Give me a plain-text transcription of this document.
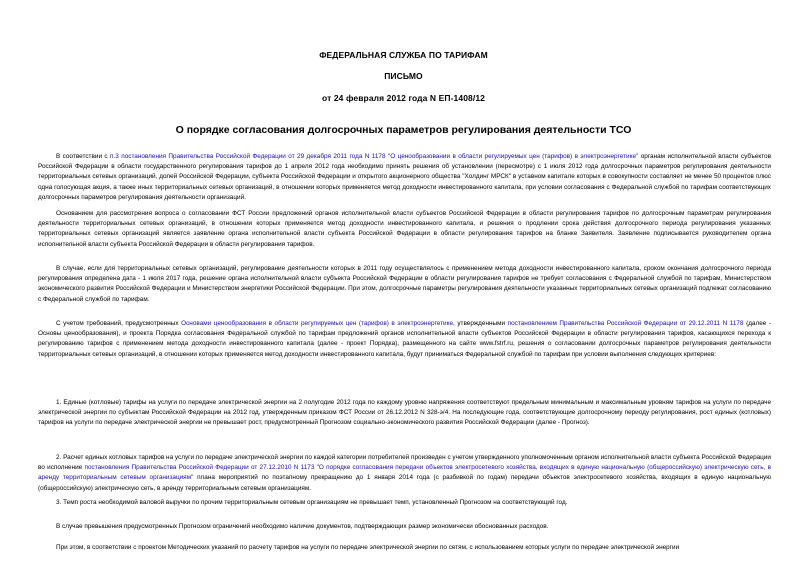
ФЕДЕРАЛЬНАЯ СЛУЖБА ПО ТАРИФАМ
ПИСЬМО
от 24 февраля 2012 года N ЕП-1408/12
О порядке согласования долгосрочных параметров регулирования деятельности ТСО

В соответствии с п.3 постановления Правительства Российской Федерации от 29 декабря 2011 года N 1178 "О ценообразовании в области регулируемых цен (тарифов) в электроэнергетике" органам исполнительной власти субъектов Российской Федерации в области государственного регулирования тарифов до 1 апреля 2012 года необходимо принять решения об установлении (пересмотре) с 1 июля 2012 года долгосрочных параметров регулирования деятельности территориальных сетевых организаций, долей Российской Федерации, субъекта Российской Федерации и открытого акционерного общества "Холдинг МРСК" в уставном капитале которых в совокупности составляет не менее 50 процентов плюс одна голосующая акция, а также иных территориальных сетевых организаций, в отношении которых применяется метод доходности инвестированного капитала, при условии согласования с Федеральной службой по тарифам соответствующих долгосрочных параметров регулирования деятельности организаций.

Основанием для рассмотрения вопроса о согласовании ФСТ России предложений органов исполнительной власти субъектов Российской Федерации в области регулирования тарифов по долгосрочным параметрам регулирования деятельности территориальных сетевых организаций, в отношении которых применяется метод доходности инвестированного капитала, и решения о продлении срока действия долгосрочного периода регулирования указанных территориальных сетевых организаций является заявление органа исполнительной власти субъекта Российской Федерации в области регулирования тарифов на бланке Заявителя. Заявление подписывается руководителем органа исполнительной власти субъекта Российской Федерации в области регулирования тарифов.

В случае, если для территориальных сетевых организаций, регулирование деятельности которых в 2011 году осуществлялось с применением метода доходности инвестированного капитала, сроком окончания долгосрочного периода регулирования определена дата - 1 июля 2017 года, решение органа исполнительной власти субъекта Российской Федерации в области регулирования тарифов не требует согласования с Федеральной службой по тарифам, Министерством экономического развития Российской Федерации и Министерством энергетики Российской Федерации. При этом, долгосрочные параметры регулирования деятельности указанных территориальных сетевых организаций подлежат согласованию с Федеральной службой по тарифам.

С учетом требований, предусмотренных Основами ценообразования в области регулируемых цен (тарифов) в электроэнергетике, утвержденными постановлением Правительства Российской Федерации от 29.12.2011 N 1178 (далее - Основы ценообразования), и проекта Порядка согласования Федеральной службой по тарифам предложений органов исполнительной власти субъектов Российской Федерации в области регулирования тарифов, касающихся перехода к регулированию тарифов с применением метода доходности инвестированного капитала (далее - проект Порядка), размещенного на сайте www.fstrf.ru, решения о согласовании долгосрочных параметров регулирования деятельности территориальных сетевых организаций, в отношении которых применяется метод доходности инвестированного капитала, будут приниматься Федеральной службой по тарифам при условии выполнения следующих критериев:

1. Единые (котловые) тарифы на услуги по передаче электрической энергии на 2 полугодие 2012 года по каждому уровню напряжения соответствуют предельным минимальным и максимальным уровням тарифов на услуги по передаче электрической энергии по субъектам Российской Федерации на 2012 год, утвержденным приказом ФСТ России от 26.12.2012 N 328-э/4. На последующие года, соответствующие долгосрочному периоду регулирования, рост единых (котловых) тарифов на услуги по передаче электрической энергии не превышает рост, предусмотренный Прогнозом социально-экономического развития Российской Федерации (далее - Прогноз).

2. Расчет единых котловых тарифов на услуги по передаче электрической энергии по каждой категории потребителей произведен с учетом утвержденного уполномоченным органом исполнительной власти субъекта Российской Федерации во исполнение постановления Правительства Российской Федерации от 27.12.2010 N 1173 "О порядке согласования передачи объектов электросетевого хозяйства, входящих в единую национальную (общероссийскую) электрическую сеть, в аренду территориальным сетевым организациям" плана мероприятий по поэтапному прекращению до 1 января 2014 года (с разбивкой по годам) передачи объектов электросетевого хозяйства, входящих в единую национальную (общероссийскую) электрическую сеть, в аренду территориальным сетевым организациям.

3. Темп роста необходимой валовой выручки по прочим территориальным сетевым организациям не превышает темп, установленный Прогнозом на соответствующий год.

В случае превышения предусмотренных Прогнозом ограничений необходимо наличие документов, подтверждающих размер экономически обоснованных расходов.

При этом, в соответствии с проектом Методических указаний по расчету тарифов на услуги по передаче электрической энергии по сетям, с использованием которых услуги по передаче электрической энергии
